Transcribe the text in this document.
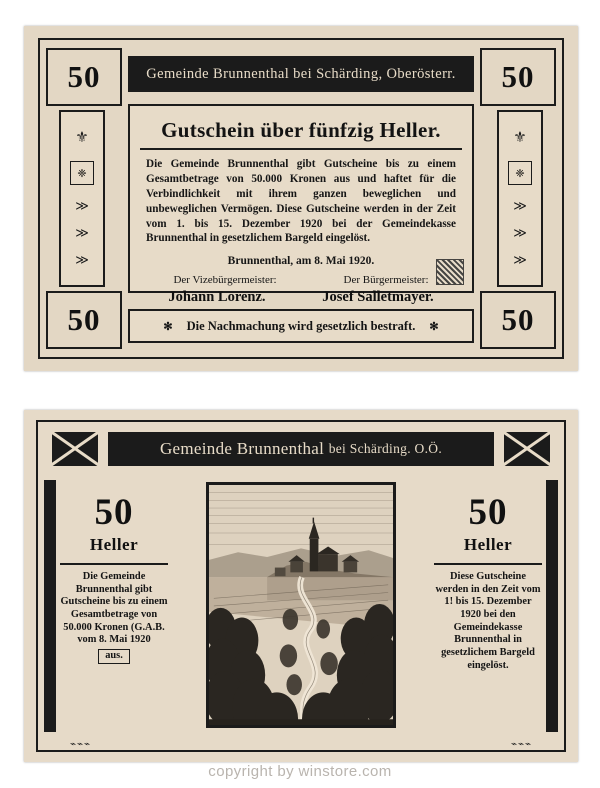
50	50
50	50
Gemeinde Brunnenthal bei Schärding, Oberösterr.
⚜
❈
≫
≫
≫
⚜
❈
≫
≫
≫
Gutschein über fünfzig Heller.
Die Gemeinde Brunnenthal gibt Gutscheine bis zu einem Gesamtbetrage von 50.000 Kronen aus und haftet für die Verbindlichkeit mit ihrem ganzen beweglichen und unbeweglichen Vermögen. Diese Gutscheine werden in der Zeit vom 1. bis 15. Dezember 1920 bei der Gemeindekasse Brunnenthal in gesetzlichem Bargeld eingelöst.
Brunnenthal, am 8. Mai 1920.
Der Vizebürgermeister:	Der Bürgermeister:
Johann Lorenz.	Josef Salletmayer.
✻ Die Nachmachung wird gesetzlich bestraft. ✻
Gemeinde Brunnenthal
bei Schärding. O.Ö.
50
Heller
Die Gemeinde Brunnenthal gibt Gutscheine bis zu einem Gesamtbetrage von 50.000 Kronen (G.A.B. vom 8. Mai 1920
aus.
50
Heller
Diese Gutscheine werden in den Zeit vom 1! bis 15. Dezember 1920 bei den Gemeindekasse Brunnenthal in gesetzlichem Bargeld eingelöst.
⌁⌁⌁	⌁⌁⌁
copyright by winstore.com
